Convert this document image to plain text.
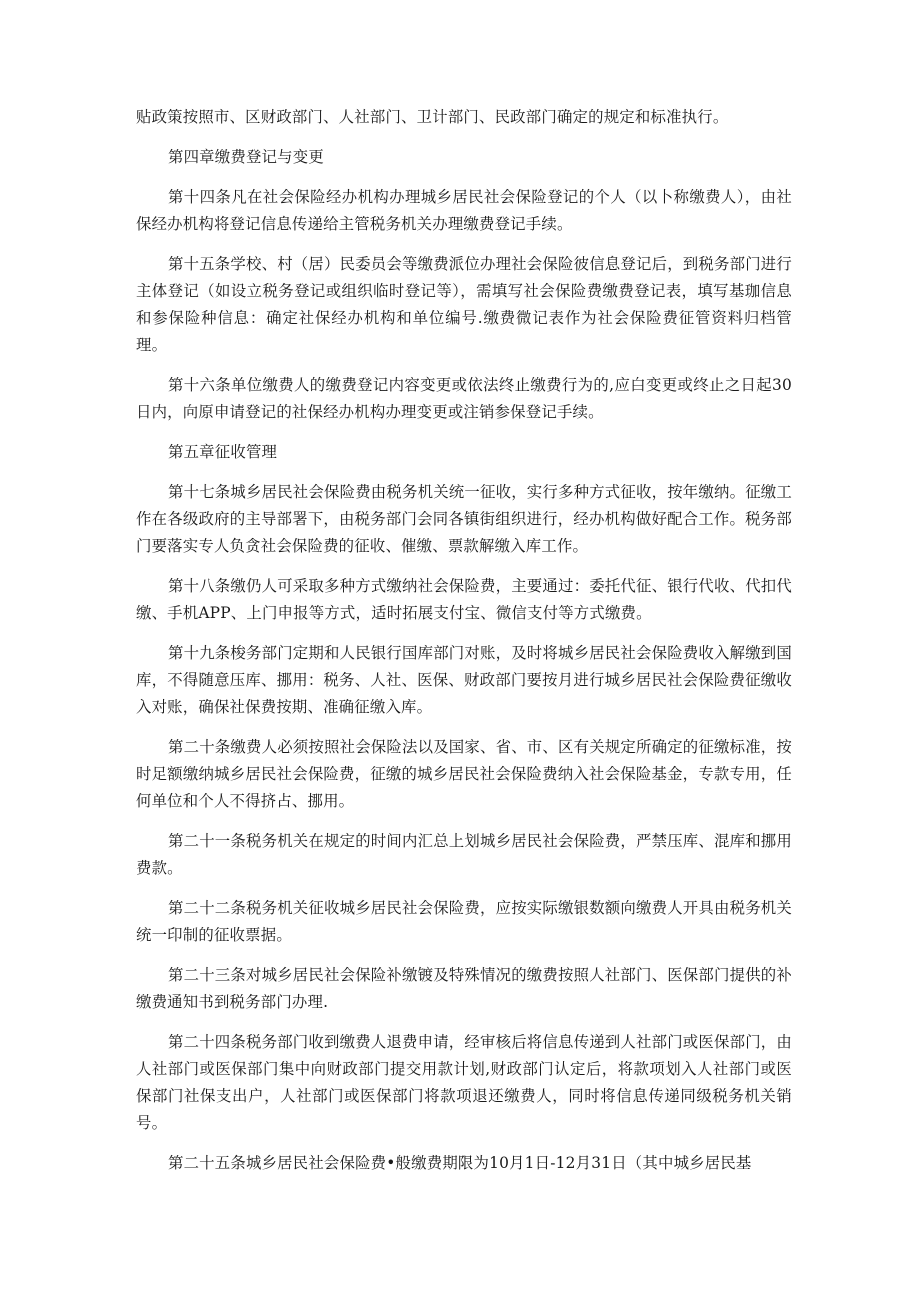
贴政策按照市、区财政部门、人社部门、卫计部门、民政部门确定的规定和标准执行。

第四章缴费登记与变更

第十四条凡在社会保险经办机构办理城乡居民社会保险登记的个人（以卜称缴费人），由社保经办机构将登记信息传递给主管税务机关办理缴费登记手续。

第十五条学校、村（居）民委员会等缴费派位办理社会保险彼信息登记后，到税务部门进行主体登记（如设立税务登记或组织临时登记等），需填写社会保险费缴费登记表，填写基珈信息和参保险种信息：确定社保经办机构和单位编号.缴费微记表作为社会保险费征管资料归档管理。

第十六条单位缴费人的缴费登记内容变更或依法终止缴费行为的,应白变更或终止之日起30日内，向原申请登记的社保经办机构办理变更或注销参保登记手续。

第五章征收管理

第十七条城乡居民社会保险费由税务机关统一征收，实行多种方式征收，按年缴纳。征缴工作在各级政府的主导部署下，由税务部门会同各镇街组织进行，经办机构做好配合工作。税务部门要落实专人负贪社会保险费的征收、催缴、票款解缴入库工作。

第十八条缴仍人可采取多种方式缴纳社会保险费，主要通过：委托代征、银行代收、代扣代缴、手机APP、上门申报等方式，适时拓展支付宝、微信支付等方式缴费。

第十九条梭务部门定期和人民银行国库部门对账，及时将城乡居民社会保险费收入解缴到国库，不得随意压库、挪用：税务、人社、医保、财政部门要按月进行城乡居民社会保险费征缴收入对账，确保社保费按期、准确征缴入库。

第二十条缴费人必须按照社会保险法以及国家、省、市、区有关规定所确定的征缴标准，按时足额缴纳城乡居民社会保险费，征缴的城乡居民社会保险费纳入社会保险基金，专款专用，任何单位和个人不得挤占、挪用。

第二十一条税务机关在规定的时间内汇总上划城乡居民社会保险费，严禁压库、混库和挪用费款。

第二十二条税务机关征收城乡居民社会保险费，应按实际缴银数额向缴费人开具由税务机关统一印制的征收票据。

第二十三条对城乡居民社会保险补缴镀及特殊情况的缴费按照人社部门、医保部门提供的补缴费通知书到税务部门办理.

第二十四条税务部门收到缴费人退费申请，经审核后将信息传递到人社部门或医保部门，由人社部门或医保部门集中向财政部门提交用款计划,财政部门认定后，将款项划入人社部门或医保部门社保支出户，人社部门或医保部门将款项退还缴费人，同时将信息传递同级税务机关销号。

第二十五条城乡居民社会保险费•般缴费期限为10月1日-12月31日（其中城乡居民基
